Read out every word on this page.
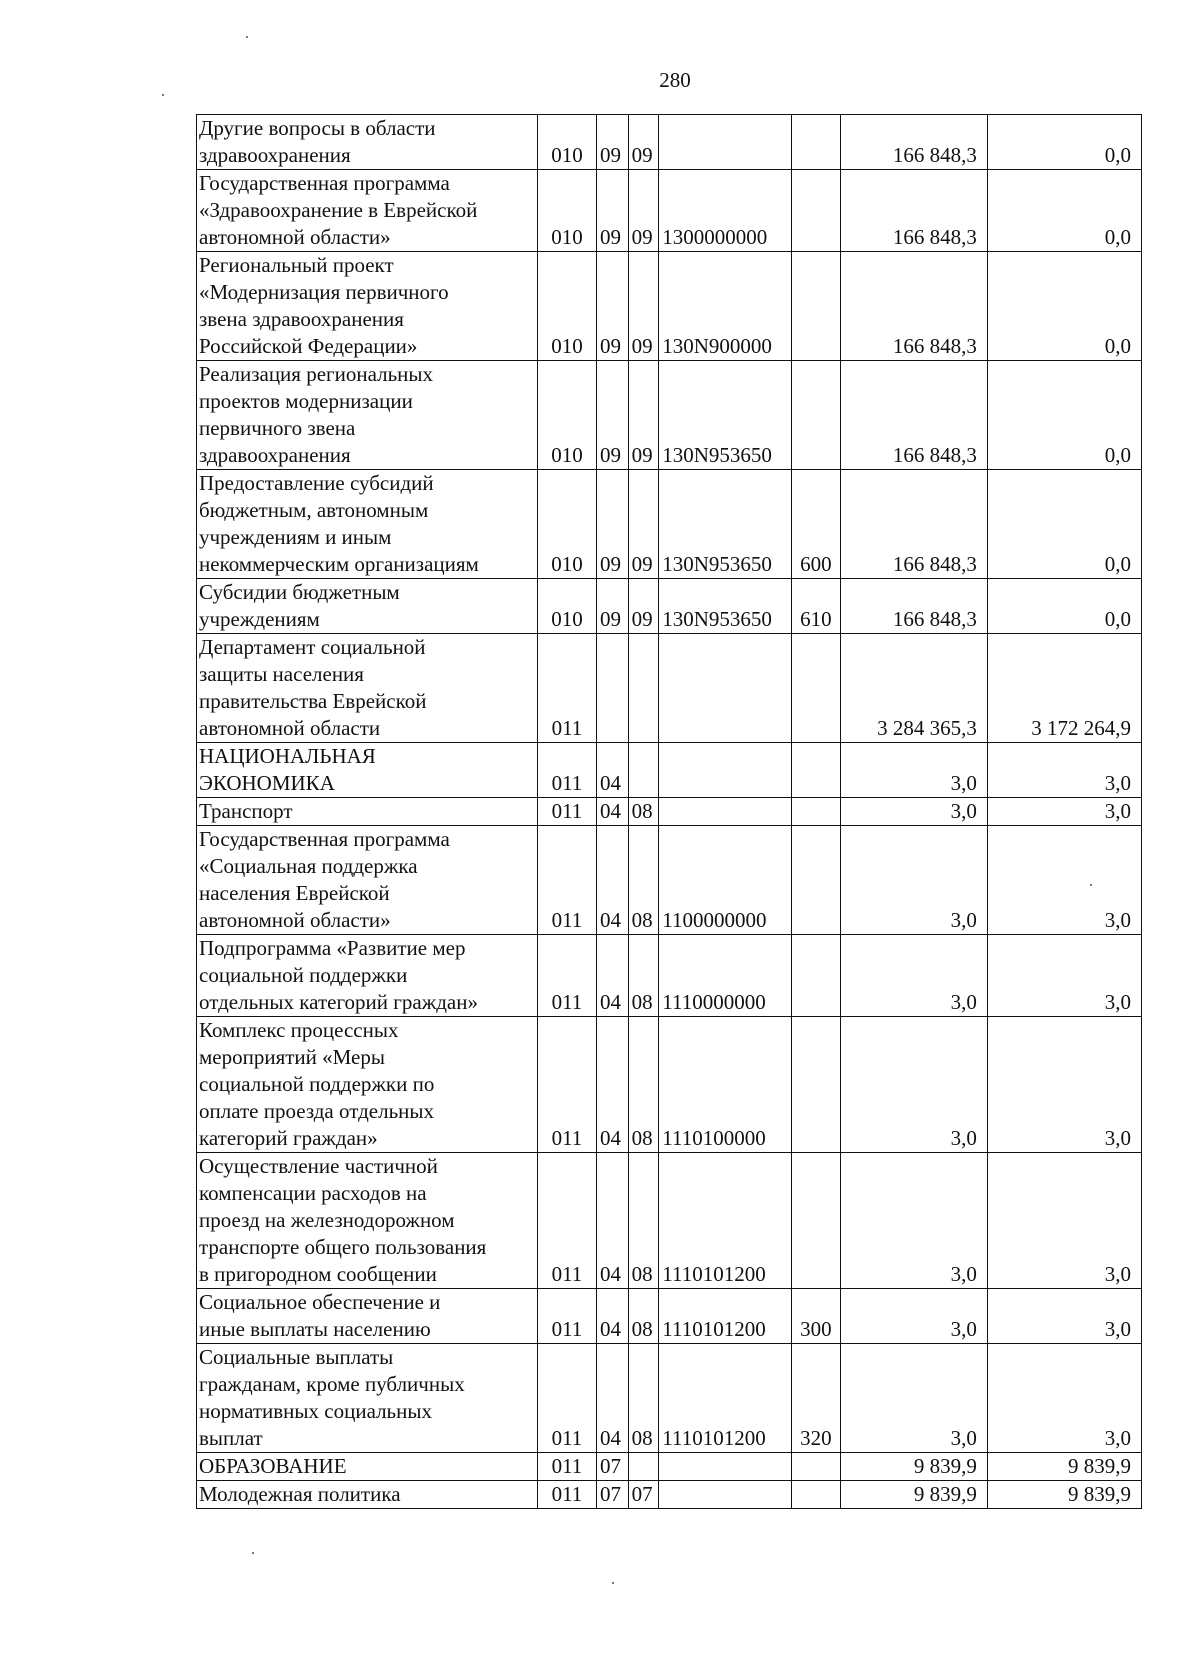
280
Другие вопросы в области
здравоохранения	010	09	09			166 848,3	0,0

Государственная программа
«Здравоохранение в Еврейской
автономной области»	010	09	09	1300000000		166 848,3	0,0

Региональный проект
«Модернизация первичного
звена здравоохранения
Российской Федерации»	010	09	09	130N900000		166 848,3	0,0

Реализация региональных
проектов модернизации
первичного звена
здравоохранения	010	09	09	130N953650		166 848,3	0,0

Предоставление субсидий
бюджетным, автономным
учреждениям и иным
некоммерческим организациям	010	09	09	130N953650	600	166 848,3	0,0

Субсидии бюджетным
учреждениям	010	09	09	130N953650	610	166 848,3	0,0

Департамент социальной
защиты населения
правительства Еврейской
автономной области	011					3 284 365,3	3 172 264,9

НАЦИОНАЛЬНАЯ
ЭКОНОМИКА	011	04				3,0	3,0

Транспорт	011	04	08			3,0	3,0

Государственная программа
«Социальная поддержка
населения Еврейской
автономной области»	011	04	08	1100000000		3,0	3,0

Подпрограмма «Развитие мер
социальной поддержки
отдельных категорий граждан»	011	04	08	1110000000		3,0	3,0

Комплекс процессных
мероприятий «Меры
социальной поддержки по
оплате проезда отдельных
категорий граждан»	011	04	08	1110100000		3,0	3,0

Осуществление частичной
компенсации расходов на
проезд на железнодорожном
транспорте общего пользования
в пригородном сообщении	011	04	08	1110101200		3,0	3,0

Социальное обеспечение и
иные выплаты населению	011	04	08	1110101200	300	3,0	3,0

Социальные выплаты
гражданам, кроме публичных
нормативных социальных
выплат	011	04	08	1110101200	320	3,0	3,0

ОБРАЗОВАНИЕ	011	07				9 839,9	9 839,9

Молодежная политика	011	07	07			9 839,9	9 839,9
